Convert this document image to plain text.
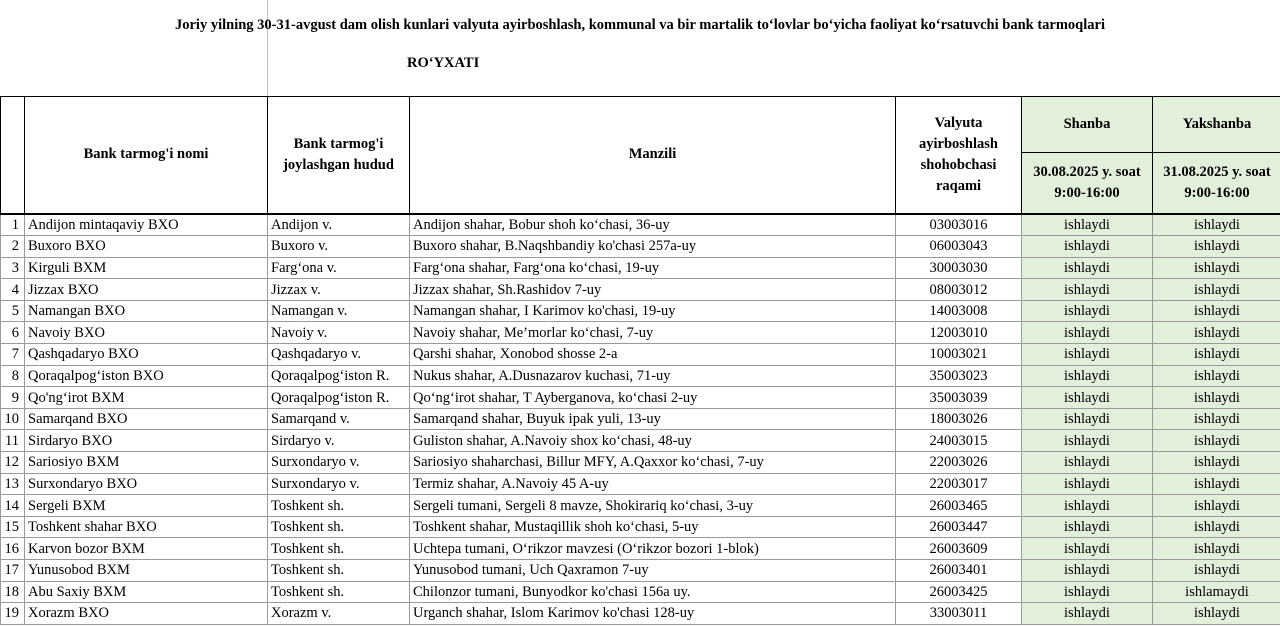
Joriy yilning 30-31-avgust dam olish kunlari valyuta ayirboshlash, kommunal va bir martalik to‘lovlar bo‘yicha faoliyat ko‘rsatuvchi bank tarmoqlari
RO‘YXATI
	Bank tarmog'i nomi	Bank tarmog'i joylashgan hudud	Manzili	Valyuta ayirboshlash shohobchasi raqami	Shanba	Yakshanba
					30.08.2025 y. soat 9:00-16:00	31.08.2025 y. soat 9:00-16:00
1	Andijon mintaqaviy BXO	Andijon v.	Andijon shahar, Bobur shoh ko‘chasi, 36-uy	03003016	ishlaydi	ishlaydi
2	Buxoro BXO	Buxoro v.	Buxoro shahar, B.Naqshbandiy ko'chasi 257a-uy	06003043	ishlaydi	ishlaydi
3	Kirguli BXM	Farg‘ona v.	Farg‘ona shahar, Farg‘ona ko‘chasi, 19-uy	30003030	ishlaydi	ishlaydi
4	Jizzax BXO	Jizzax v.	Jizzax shahar, Sh.Rashidov 7-uy	08003012	ishlaydi	ishlaydi
5	Namangan BXO	Namangan v.	Namangan shahar, I Karimov ko'chasi, 19-uy	14003008	ishlaydi	ishlaydi
6	Navoiy BXO	Navoiy v.	Navoiy shahar, Me’morlar ko‘chasi, 7-uy	12003010	ishlaydi	ishlaydi
7	Qashqadaryo BXO	Qashqadaryo v.	Qarshi shahar, Xonobod shosse 2-a	10003021	ishlaydi	ishlaydi
8	Qoraqalpog‘iston BXO	Qoraqalpog‘iston R.	Nukus shahar, A.Dusnazarov kuchasi, 71-uy	35003023	ishlaydi	ishlaydi
9	Qo'ng‘irot BXM	Qoraqalpog‘iston R.	Qo‘ng‘irot shahar, T Ayberganova, ko‘chasi 2-uy	35003039	ishlaydi	ishlaydi
10	Samarqand BXO	Samarqand v.	Samarqand shahar, Buyuk ipak yuli, 13-uy	18003026	ishlaydi	ishlaydi
11	Sirdaryo BXO	Sirdaryo v.	Guliston shahar, A.Navoiy shox ko‘chasi, 48-uy	24003015	ishlaydi	ishlaydi
12	Sariosiyo BXM	Surxondaryo v.	Sariosiyo shaharchasi, Billur MFY, A.Qaxxor ko‘chasi, 7-uy	22003026	ishlaydi	ishlaydi
13	Surxondaryo BXO	Surxondaryo v.	Termiz shahar, A.Navoiy 45 A-uy	22003017	ishlaydi	ishlaydi
14	Sergeli BXM	Toshkent sh.	Sergeli tumani, Sergeli 8 mavze, Shokirariq ko‘chasi, 3-uy	26003465	ishlaydi	ishlaydi
15	Toshkent shahar BXO	Toshkent sh.	Toshkent shahar, Mustaqillik shoh ko‘chasi, 5-uy	26003447	ishlaydi	ishlaydi
16	Karvon bozor BXM	Toshkent sh.	Uchtepa tumani, O‘rikzor mavzesi (O‘rikzor bozori 1-blok)	26003609	ishlaydi	ishlaydi
17	Yunusobod BXM	Toshkent sh.	Yunusobod tumani, Uch Qaxramon 7-uy	26003401	ishlaydi	ishlaydi
18	Abu Saxiy BXM	Toshkent sh.	Chilonzor tumani, Bunyodkor ko'chasi 156a uy.	26003425	ishlaydi	ishlamaydi
19	Xorazm BXO	Xorazm v.	Urganch shahar, Islom Karimov ko'chasi 128-uy	33003011	ishlaydi	ishlaydi
